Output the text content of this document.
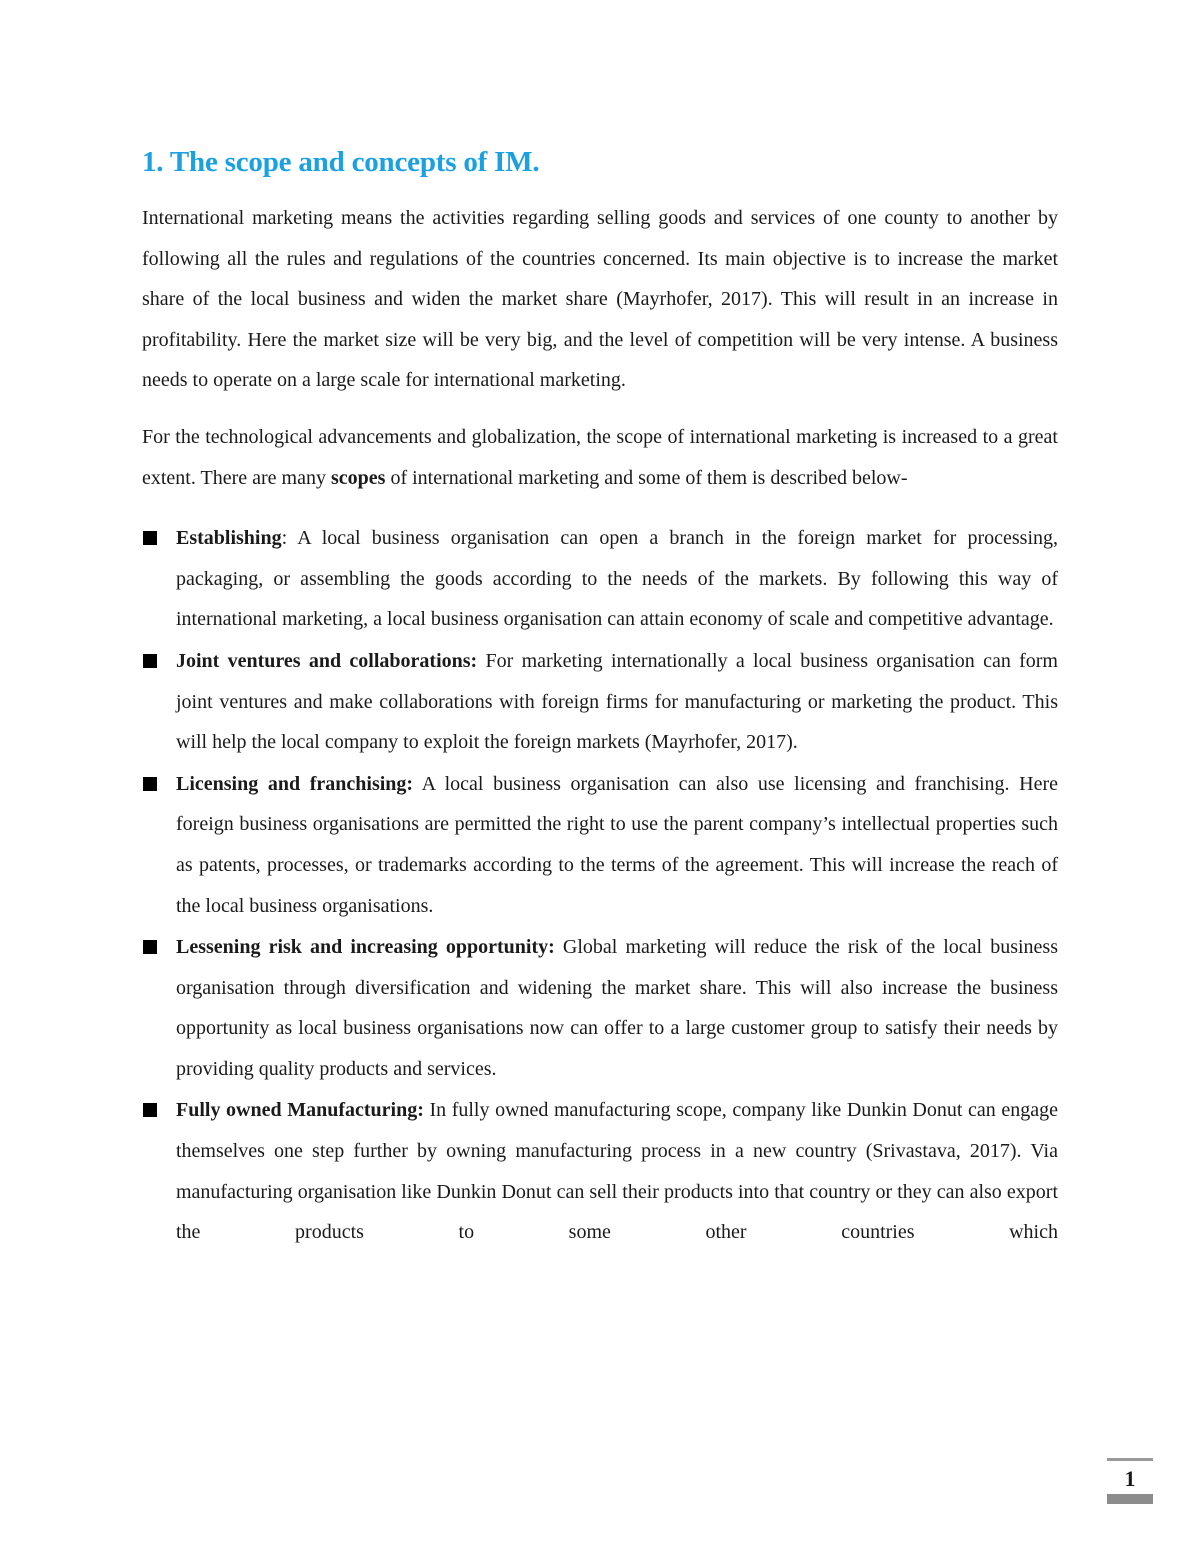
1. The scope and concepts of IM.

International marketing means the activities regarding selling goods and services of one county to another by following all the rules and regulations of the countries concerned. Its main objective is to increase the market share of the local business and widen the market share (Mayrhofer, 2017). This will result in an increase in profitability. Here the market size will be very big, and the level of competition will be very intense. A business needs to operate on a large scale for international marketing.

For the technological advancements and globalization, the scope of international marketing is increased to a great extent. There are many scopes of international marketing and some of them is described below-

Establishing: A local business organisation can open a branch in the foreign market for processing, packaging, or assembling the goods according to the needs of the markets. By following this way of international marketing, a local business organisation can attain economy of scale and competitive advantage.
Joint ventures and collaborations: For marketing internationally a local business organisation can form joint ventures and make collaborations with foreign firms for manufacturing or marketing the product. This will help the local company to exploit the foreign markets (Mayrhofer, 2017).
Licensing and franchising: A local business organisation can also use licensing and franchising. Here foreign business organisations are permitted the right to use the parent company’s intellectual properties such as patents, processes, or trademarks according to the terms of the agreement. This will increase the reach of the local business organisations.
Lessening risk and increasing opportunity: Global marketing will reduce the risk of the local business organisation through diversification and widening the market share. This will also increase the business opportunity as local business organisations now can offer to a large customer group to satisfy their needs by providing quality products and services.
Fully owned Manufacturing: In fully owned manufacturing scope, company like Dunkin Donut can engage themselves one step further by owning manufacturing process in a new country (Srivastava, 2017). Via manufacturing organisation like Dunkin Donut can sell their products into that country or they can also export the products to some other countries which
1
